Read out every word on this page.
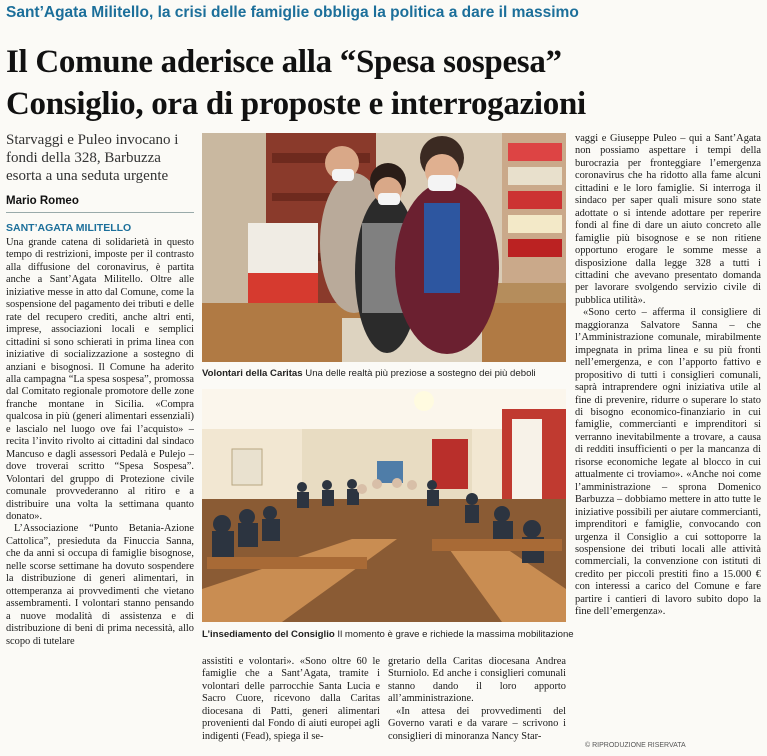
Sant’Agata Militello, la crisi delle famiglie obbliga la politica a dare il massimo
Il Comune aderisce alla “Spesa sospesa”
Consiglio, ora di proposte e interrogazioni
Starvaggi e Puleo invocano i fondi della 328, Barbuzza esorta a una seduta urgente
Mario Romeo
SANT’AGATA MILITELLO

Una grande catena di solidarietà in questo tempo di restrizioni, imposte per il contrasto alla diffusione del coronavirus, è partita anche a Sant’Agata Militello. Oltre alle iniziative messe in atto dal Comune, come la sospensione del pagamento dei tributi e delle rate del recupero crediti, anche altri enti, imprese, associazioni locali e semplici cittadini si sono schierati in prima linea con iniziative di socializzazione a sostegno di anziani e bisognosi. Il Comune ha aderito alla campagna “La spesa sospesa”, promossa dal Comitato regionale promotore delle zone franche montane in Sicilia. «Compra qualcosa in più (generi alimentari essenziali) e lascialo nel luogo ove fai l’acquisto» – recita l’invito rivolto ai cittadini dal sindaco Mancuso e dagli assessori Pedalà e Pulejo – dove troverai scritto “Spesa Sospesa”. Volontari del gruppo di Protezione civile comunale provvederanno al ritiro e a distribuire una volta la settimana quanto donato».

L’Associazione “Punto Betania-Azione Cattolica”, presieduta da Finuccia Sanna, che da anni si occupa di famiglie bisognose, nelle scorse settimane ha dovuto sospendere la distribuzione di generi alimentari, in ottemperanza ai provvedimenti che vietano assembramenti. I volontari stanno pensando a nuove modalità di assistenza e di distribuzione di beni di prima necessità, allo scopo di tutelare

Volontari della Caritas Una delle realtà più preziose a sostegno dei più deboli
L’insediamento del Consiglio Il momento è grave e richiede la massima mobilitazione

assistiti e volontari». «Sono oltre 60 le famiglie che a Sant’Agata, tramite i volontari delle parrocchie Santa Lucia e Sacro Cuore, ricevono dalla Caritas diocesana di Patti, generi alimentari provenienti dal Fondo di aiuti europei agli indigenti (Fead), spiega il se-

gretario della Caritas diocesana Andrea Sturniolo. Ed anche i consiglieri comunali stanno dando il loro apporto all’amministrazione.

«In attesa dei provvedimenti del Governo varati e da varare – scrivono i consiglieri di minoranza Nancy Star-

vaggi e Giuseppe Puleo – qui a Sant’Agata non possiamo aspettare i tempi della burocrazia per fronteggiare l’emergenza coronavirus che ha ridotto alla fame alcuni cittadini e le loro famiglie. Si interroga il sindaco per saper quali misure sono state adottate o si intende adottare per reperire fondi al fine di dare un aiuto concreto alle famiglie più bisognose e se non ritiene opportuno erogare le somme messe a disposizione dalla legge 328 a tutti i cittadini che avevano presentato domanda per lavorare svolgendo servizio civile di pubblica utilità».

«Sono certo – afferma il consigliere di maggioranza Salvatore Sanna – che l’Amministrazione comunale, mirabilmente impegnata in prima linea e su più fronti nell’emergenza, e con l’apporto fattivo e propositivo di tutti i consiglieri comunali, saprà intraprendere ogni iniziativa utile al fine di prevenire, ridurre o superare lo stato di bisogno economico-finanziario in cui famiglie, commercianti e imprenditori si verranno inevitabilmente a trovare, a causa di redditi insufficienti o per la mancanza di risorse economiche legate al blocco in cui attualmente ci troviamo». «Anche noi come l’amministrazione – sprona Domenico Barbuzza – dobbiamo mettere in atto tutte le iniziative possibili per aiutare commercianti, imprenditori e famiglie, convocando con urgenza il Consiglio a cui sottoporre la sospensione dei tributi locali alle attività commerciali, la convenzione con istituti di credito per piccoli prestiti fino a 15.000 € con interessi a carico del Comune e fare partire i cantieri di lavoro subito dopo la fine dell’emergenza».

© RIPRODUZIONE RISERVATA
